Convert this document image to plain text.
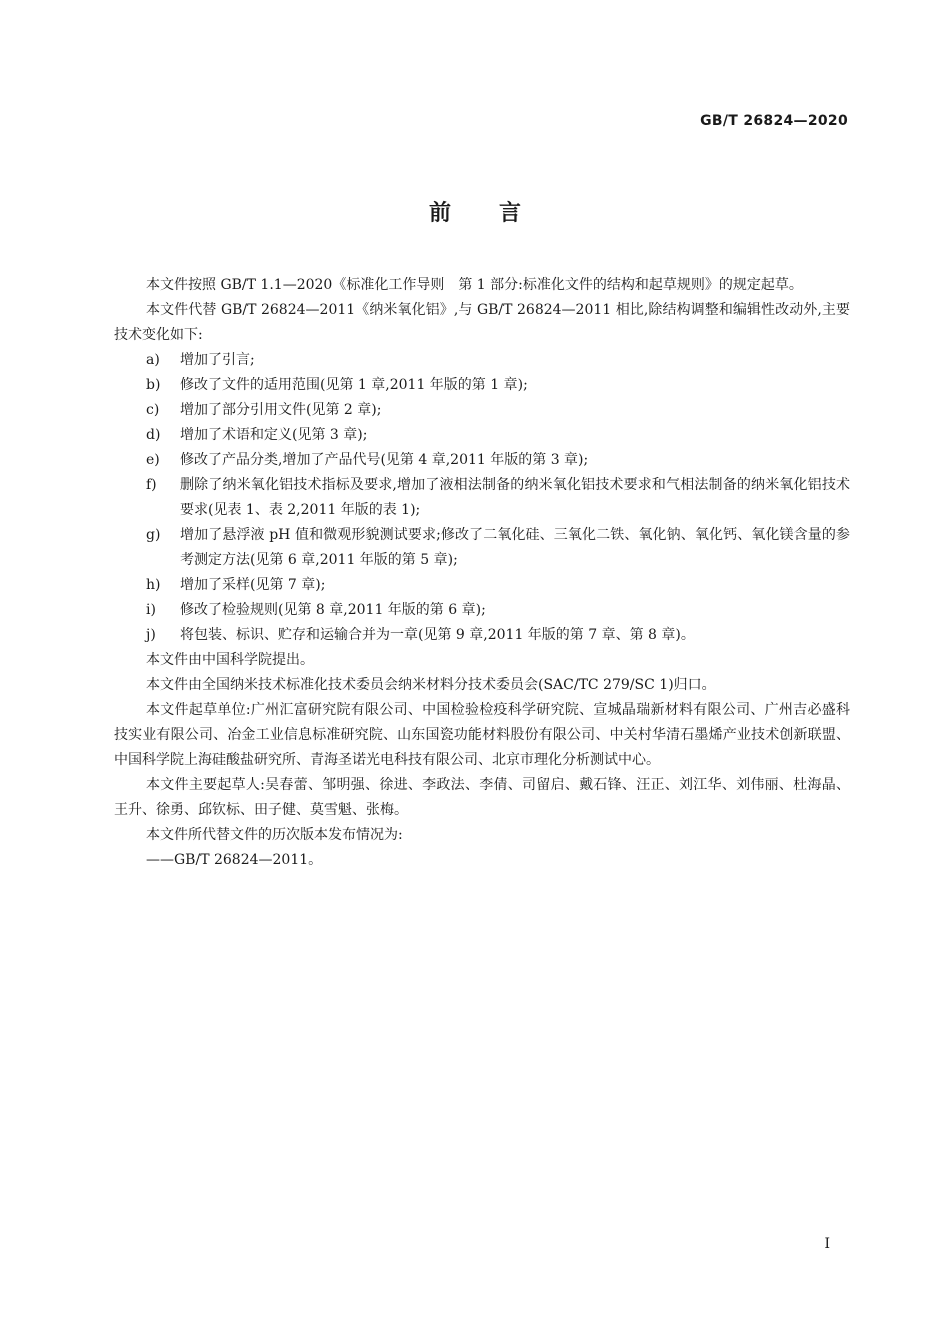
GB/T 26824—2020
前言

本文件按照 GB/T 1.1—2020《标准化工作导则　第 1 部分:标准化文件的结构和起草规则》的规定起草。

本文件代替 GB/T 26824—2011《纳米氧化铝》,与 GB/T 26824—2011 相比,除结构调整和编辑性改动外,主要技术变化如下:

a) 增加了引言;

b) 修改了文件的适用范围(见第 1 章,2011 年版的第 1 章);

c) 增加了部分引用文件(见第 2 章);

d) 增加了术语和定义(见第 3 章);

e) 修改了产品分类,增加了产品代号(见第 4 章,2011 年版的第 3 章);

f) 删除了纳米氧化铝技术指标及要求,增加了液相法制备的纳米氧化铝技术要求和气相法制备的纳米氧化铝技术要求(见表 1、表 2,2011 年版的表 1);

g) 增加了悬浮液 pH 值和微观形貌测试要求;修改了二氧化硅、三氧化二铁、氧化钠、氧化钙、氧化镁含量的参考测定方法(见第 6 章,2011 年版的第 5 章);

h) 增加了采样(见第 7 章);

i) 修改了检验规则(见第 8 章,2011 年版的第 6 章);

j) 将包装、标识、贮存和运输合并为一章(见第 9 章,2011 年版的第 7 章、第 8 章)。

本文件由中国科学院提出。

本文件由全国纳米技术标准化技术委员会纳米材料分技术委员会(SAC/TC 279/SC 1)归口。

本文件起草单位:广州汇富研究院有限公司、中国检验检疫科学研究院、宣城晶瑞新材料有限公司、广州吉必盛科技实业有限公司、冶金工业信息标准研究院、山东国瓷功能材料股份有限公司、中关村华清石墨烯产业技术创新联盟、中国科学院上海硅酸盐研究所、青海圣诺光电科技有限公司、北京市理化分析测试中心。

本文件主要起草人:吴春蕾、邹明强、徐进、李政法、李倩、司留启、戴石锋、汪正、刘江华、刘伟丽、杜海晶、王升、徐勇、邱钦标、田子健、莫雪魁、张梅。

本文件所代替文件的历次版本发布情况为:

——GB/T 26824—2011。

Ⅰ
